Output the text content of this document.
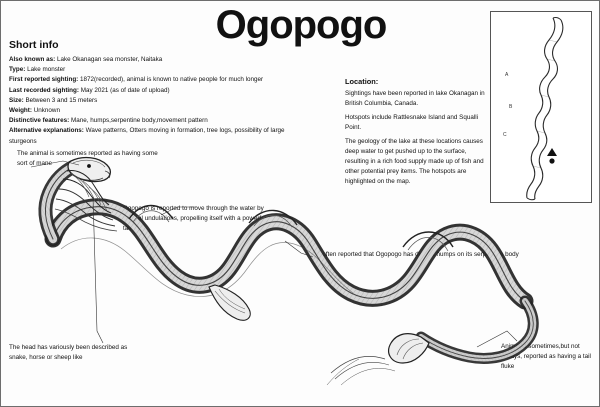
Ogopogo
Short info
Also known as: Lake Okanagan sea monster, Naitaka
Type: Lake monster
First reported sighting: 1872(recorded), animal is known to native people for much longer
Last recorded sighting: May 2021 (as of date of upload)
Size: Between 3 and 15 meters
Weight: Unknown
Distinctive features: Mane, humps,serpentine body,movement pattern
Alternative explanations: Wave patterns, Otters moving in formation, tree logs, possibility of large sturgeons
Location:
Sightings have been reported in lake Okanagan in British Columbia, Canada.
Hotspots include Rattlesnake Island and Squalli Point.
The geology of the lake at these locations causes deep water to get pushed up to the surface, resulting in a rich food supply made up of fish and other potential prey items. The hotspots are highlighted on the map.
A
B
C
The animal is sometimes reported as having some sort of mane
Ogopogo is reported to move through the water by vertical undulations, propelling itself with a powerful tail
Its often reported that Ogopogo has distinct humps on its serpentine body
The head has variously been described as snake, horse or sheep like
Animal is sometimes,but not always, reported as having a tail fluke
